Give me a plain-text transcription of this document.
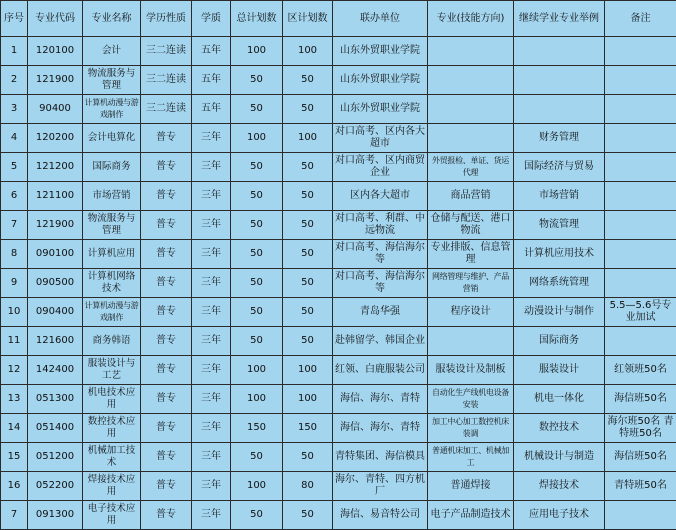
序号	专业代码	专业名称	学历性质	学质	总计划数	区计划数	联办单位	专业(技能方向)	继续学业专业举例	备注
1	120100	会计	三二连读	五年	100	100	山东外贸职业学院			
2	121900	物流服务与管理	三二连读	五年	50	50	山东外贸职业学院			
3	90400	计算机动漫与游戏制作	三二连读	五年	50	50	山东外贸职业学院			
4	120200	会计电算化	普专	三年	100	100	对口高考、区内各大超市		财务管理	
5	121200	国际商务	普专	三年	50	50	对口高考、区内商贸企业	外贸报检、单证、货运代理	国际经济与贸易	
6	121100	市场营销	普专	三年	50	50	区内各大超市	商品营销	市场营销	
7	121900	物流服务与管理	普专	三年	50	50	对口高考、利群、中远物流	仓储与配送、港口物流	物流管理	
8	090100	计算机应用	普专	三年	50	50	对口高考、海信海尔等	专业排版、信息管理	计算机应用技术	
9	090500	计算机网络技术	普专	三年	50	50	对口高考、海信海尔等	网络管理与维护、产品营销	网络系统管理	
10	090400	计算机动漫与游戏制作	普专	三年	50	50	青岛华强	程序设计	动漫设计与制作	5.5—5.6号专业加试
11	121600	商务韩语	普专	三年	50	50	赴韩留学、韩国企业		国际商务	
12	142400	服装设计与工艺	普专	三年	100	100	红领、白鹿服装公司	服装设计及制板	服装设计	红领班50名
13	051300	机电技术应用	普专	三年	100	100	海信、海尔、青特	自动化生产线机电设备安装	机电一体化	海信班50名
14	051400	数控技术应用	普专	三年	150	150	海信、海尔、青特	加工中心加工数控机床装调	数控技术	海尔班50名 青特班50名
15	051200	机械加工技术	普专	三年	50	50	青特集团、海信模具	普通机床加工、机械加工	机械设计与制造	海信班50名
16	052200	焊接技术应用	普专	三年	100	80	海尔、青特、四方机厂	普通焊接	焊接技术	青特班50名
7	091300	电子技术应用	普专	三年	50	50	海信、易音特公司	电子产品制造技术	应用电子技术	
